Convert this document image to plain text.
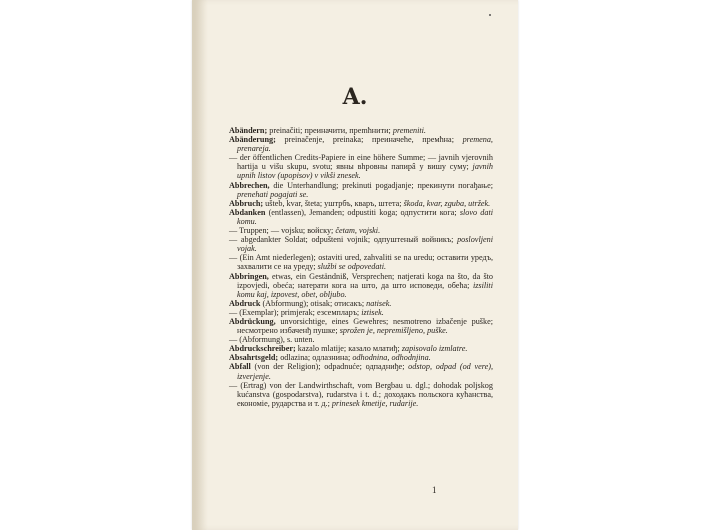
A.

Abändern; preinačiti; прeиначити, преmћнити; premeniti.

Abänderung; preinačenje, preinaka; прeиначеће, премћна; premena, prenareja.

— der öffentlichen Credits-Papiere in eine höhere Summe; — javnih vjerovnih hartija u višu skupu, svotu; явны вhровны папирâ у вишу суму; javnih upnih listov (upopisov) v vikši znesek.

Abbrechen, die Unterhandlung; prekinuti pogadjanje; прекинути погађање; prenehati pogajati se.

Abbruch; ušteb, kvar, šteta; уштрбъ, кваръ, штета; škoda, kvar, zguba, utržek.

Abdanken (entlassen), Jemanden; odpustiti koga; одпустити кога; slovo dati komu.

— Truppen; — vojsku; войску; četam, vojski.

— abgedankter Soldat; odpušteni vojnik; одпуштеный войникъ; poslovljeni vojak.

— (Ein Amt niederlegen); ostaviti ured, zahvaliti se na uredu; оставити уредъ, захвалити се на уреду; službi se odpovedati.

Abbringen, etwas, ein Geständniß, Versprechen; natjerati koga na što, da što izpovjedi, obeća; натерати кога на што, да што исповеди, обећа; izsiliti komu kaj, izpovest, obet, obljubo.

Abdruck (Abformung); otisak; отисакъ; natisek.

— (Exemplar); primjerak; езсемпларъ; iztisek.

Abdrückung, unvorsichtige, eines Gewehres; nesmotreno izbačenje puške; несмотрено избаченђ пушке; sprožen je, nepremišljeno, puške.

— (Abformung), s. unten.

Abdruckschreiber; kazalo mlatije; казало млатиђ; zapisovalo izmlatre.

Absahrtsgeld; odlazina; одлазнина; odhodnina, odhodnjina.

Abfall (von der Religion); odpadnuće; одпадниђе; odstop, odpad (od vere), izverjenje.

— (Ertrag) von der Landwirthschaft, vom Bergbau u. dgl.; dohodak poljskog kućanstva (gospodarstva), rudarstva i t. d.; доходакъ польскога кућанства, економiе, рударства и т. д.; prinesek kmetije, rudarije.

1
